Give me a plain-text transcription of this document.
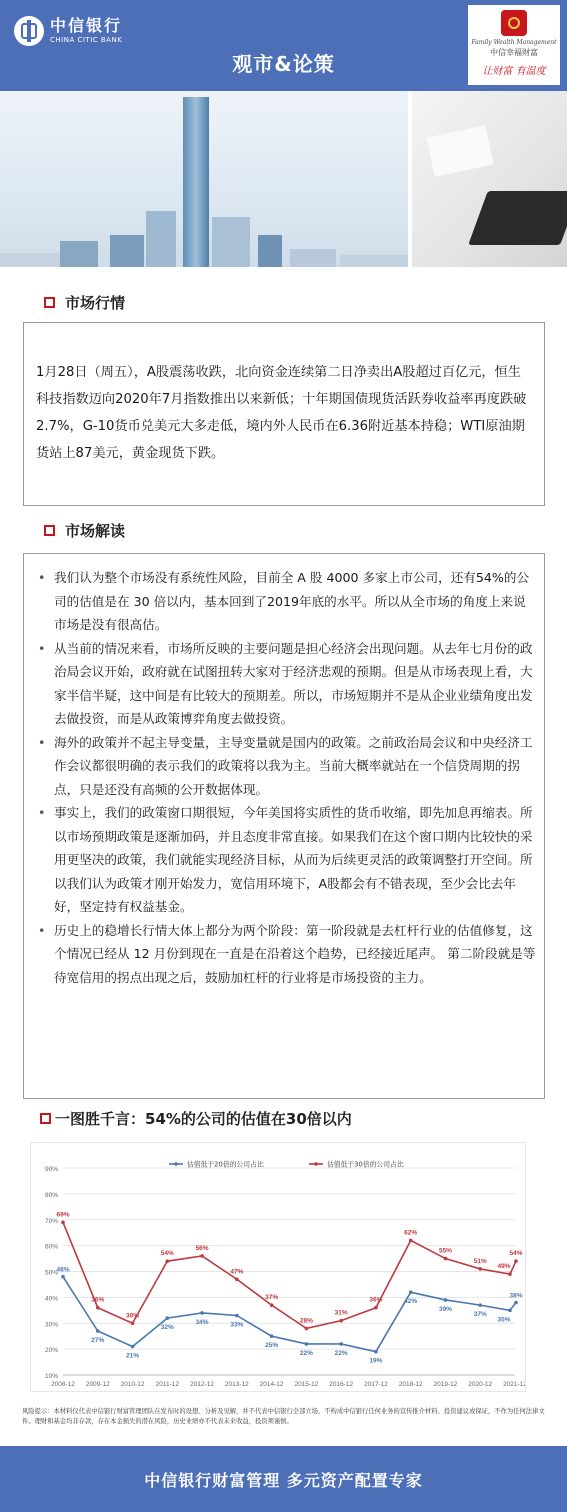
中信银行
CHINA CITIC BANK
观市&论策
Family Wealth Management
中信幸福财富
让财富 有温度
市场行情
1月28日（周五），A股震荡收跌，北向资金连续第二日净卖出A股超过百亿元，恒生科技指数迈向2020年7月指数推出以来新低；十年期国债现货活跃券收益率再度跌破2.7%，G-10货币兑美元大多走低，境内外人民币在6.36附近基本持稳；WTI原油期货站上87美元，黄金现货下跌。
市场解读
• 我们认为整个市场没有系统性风险，目前全 A 股 4000 多家上市公司，还有54%的公司的估值是在 30 倍以内，基本回到了2019年底的水平。所以从全市场的角度上来说市场是没有很高估。
• 从当前的情况来看，市场所反映的主要问题是担心经济会出现问题。从去年七月份的政治局会议开始，政府就在试图扭转大家对于经济悲观的预期。但是从市场表现上看，大家半信半疑，这中间是有比较大的预期差。所以，市场短期并不是从企业业绩角度出发去做投资，而是从政策博弈角度去做投资。
• 海外的政策并不起主导变量，主导变量就是国内的政策。之前政治局会议和中央经济工作会议都很明确的表示我们的政策将以我为主。当前大概率就站在一个信贷周期的拐点，只是还没有高频的公开数据体现。
• 事实上，我们的政策窗口期很短，今年美国将实质性的货币收缩，即先加息再缩表。所以市场预期政策是逐渐加码，并且态度非常直接。如果我们在这个窗口期内比较快的采用更坚决的政策，我们就能实现经济目标，从而为后续更灵活的政策调整打开空间。所以我们认为政策才刚开始发力，宽信用环境下，A股都会有不错表现，至少会比去年好，坚定持有权益基金。
• 历史上的稳增长行情大体上都分为两个阶段：第一阶段就是去杠杆行业的估值修复，这个情况已经从 12 月份到现在一直是在沿着这个趋势，已经接近尾声。 第二阶段就是等待宽信用的拐点出现之后，鼓励加杠杆的行业将是市场投资的主力。
一图胜千言：54%的公司的估值在30倍以内
10%
20%
30%
40%
50%
60%
70%
80%
90%
2008-12 2009-12 2010-12 2011-12 2012-12 2013-12 2014-12 2015-12 2016-12 2017-12 2018-12 2019-12 2020-12 2021-12
48%
27%
21%
32%
34%	33%
25%
22%	22%
19%
42%
39%
37%
35%
38%
69%
36%
30%
54%
56%
47%
37%
28%
31%
36%
62%
55%
51%
49%
54%
估值低于20倍的公司占比	估值低于30倍的公司占比
风险提示：本材料仅代表中信银行财富管理团队在发布时的设想、分析及见解，并不代表中信银行全部立场，不构成中信银行任何业务的宣传推介材料、投资建议或保证，不作为任何法律文件。理财和基金均非存款，存在本金损失的潜在风险，历史业绩亦不代表未来收益，投资须谨慎。
中信银行财富管理 多元资产配置专家
